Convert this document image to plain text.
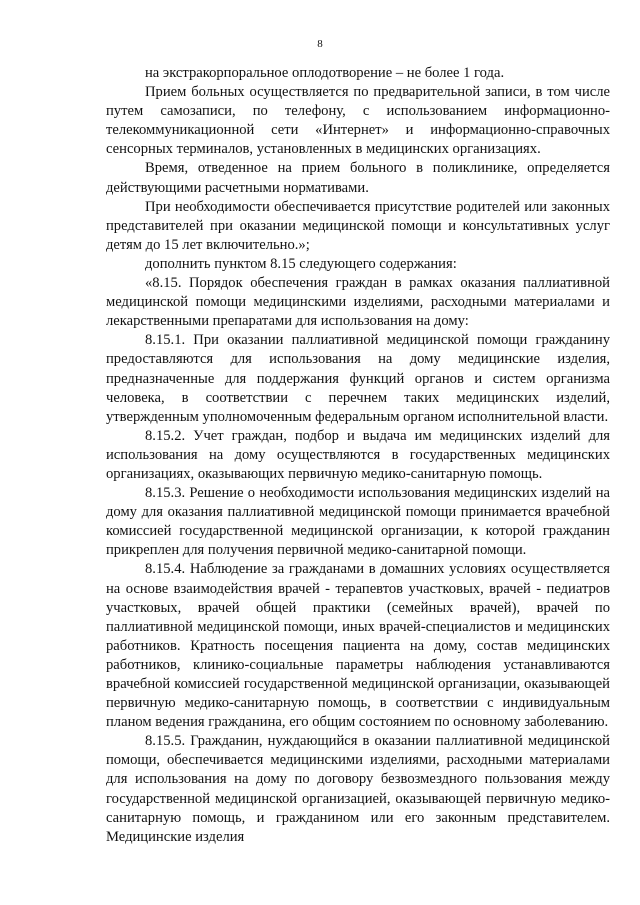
8

на экстракорпоральное оплодотворение – не более 1 года.

Прием больных осуществляется по предварительной записи, в том числе путем самозаписи, по телефону, с использованием информационно-телекоммуникационной сети «Интернет» и информационно-справочных сенсорных терминалов, установленных в медицинских организациях.

Время, отведенное на прием больного в поликлинике, определяется действующими расчетными нормативами.

При необходимости обеспечивается присутствие родителей или законных представителей при оказании медицинской помощи и консультативных услуг детям до 15 лет включительно.»;

дополнить пунктом 8.15 следующего содержания:

«8.15. Порядок обеспечения граждан в рамках оказания паллиативной медицинской помощи медицинскими изделиями, расходными материалами и лекарственными препаратами для использования на дому:

8.15.1. При оказании паллиативной медицинской помощи гражданину предоставляются для использования на дому медицинские изделия, предназначенные для поддержания функций органов и систем организма человека, в соответствии с перечнем таких медицинских изделий, утвержденным уполномоченным федеральным органом исполнительной власти.

8.15.2. Учет граждан, подбор и выдача им медицинских изделий для использования на дому осуществляются в государственных медицинских организациях, оказывающих первичную медико-санитарную помощь.

8.15.3. Решение о необходимости использования медицинских изделий на дому для оказания паллиативной медицинской помощи принимается врачебной комиссией государственной медицинской организации, к которой гражданин прикреплен для получения первичной медико-санитарной помощи.

8.15.4. Наблюдение за гражданами в домашних условиях осуществляется на основе взаимодействия врачей - терапевтов участковых, врачей - педиатров участковых, врачей общей практики (семейных врачей), врачей по паллиативной медицинской помощи, иных врачей-специалистов и медицинских работников. Кратность посещения пациента на дому, состав медицинских работников, клинико-социальные параметры наблюдения устанавливаются врачебной комиссией государственной медицинской организации, оказывающей первичную медико-санитарную помощь, в соответствии с индивидуальным планом ведения гражданина, его общим состоянием по основному заболеванию.

8.15.5. Гражданин, нуждающийся в оказании паллиативной медицинской помощи, обеспечивается медицинскими изделиями, расходными материалами для использования на дому по договору безвозмездного пользования между государственной медицинской организацией, оказывающей первичную медико-санитарную помощь, и гражданином или его законным представителем. Медицинские изделия
